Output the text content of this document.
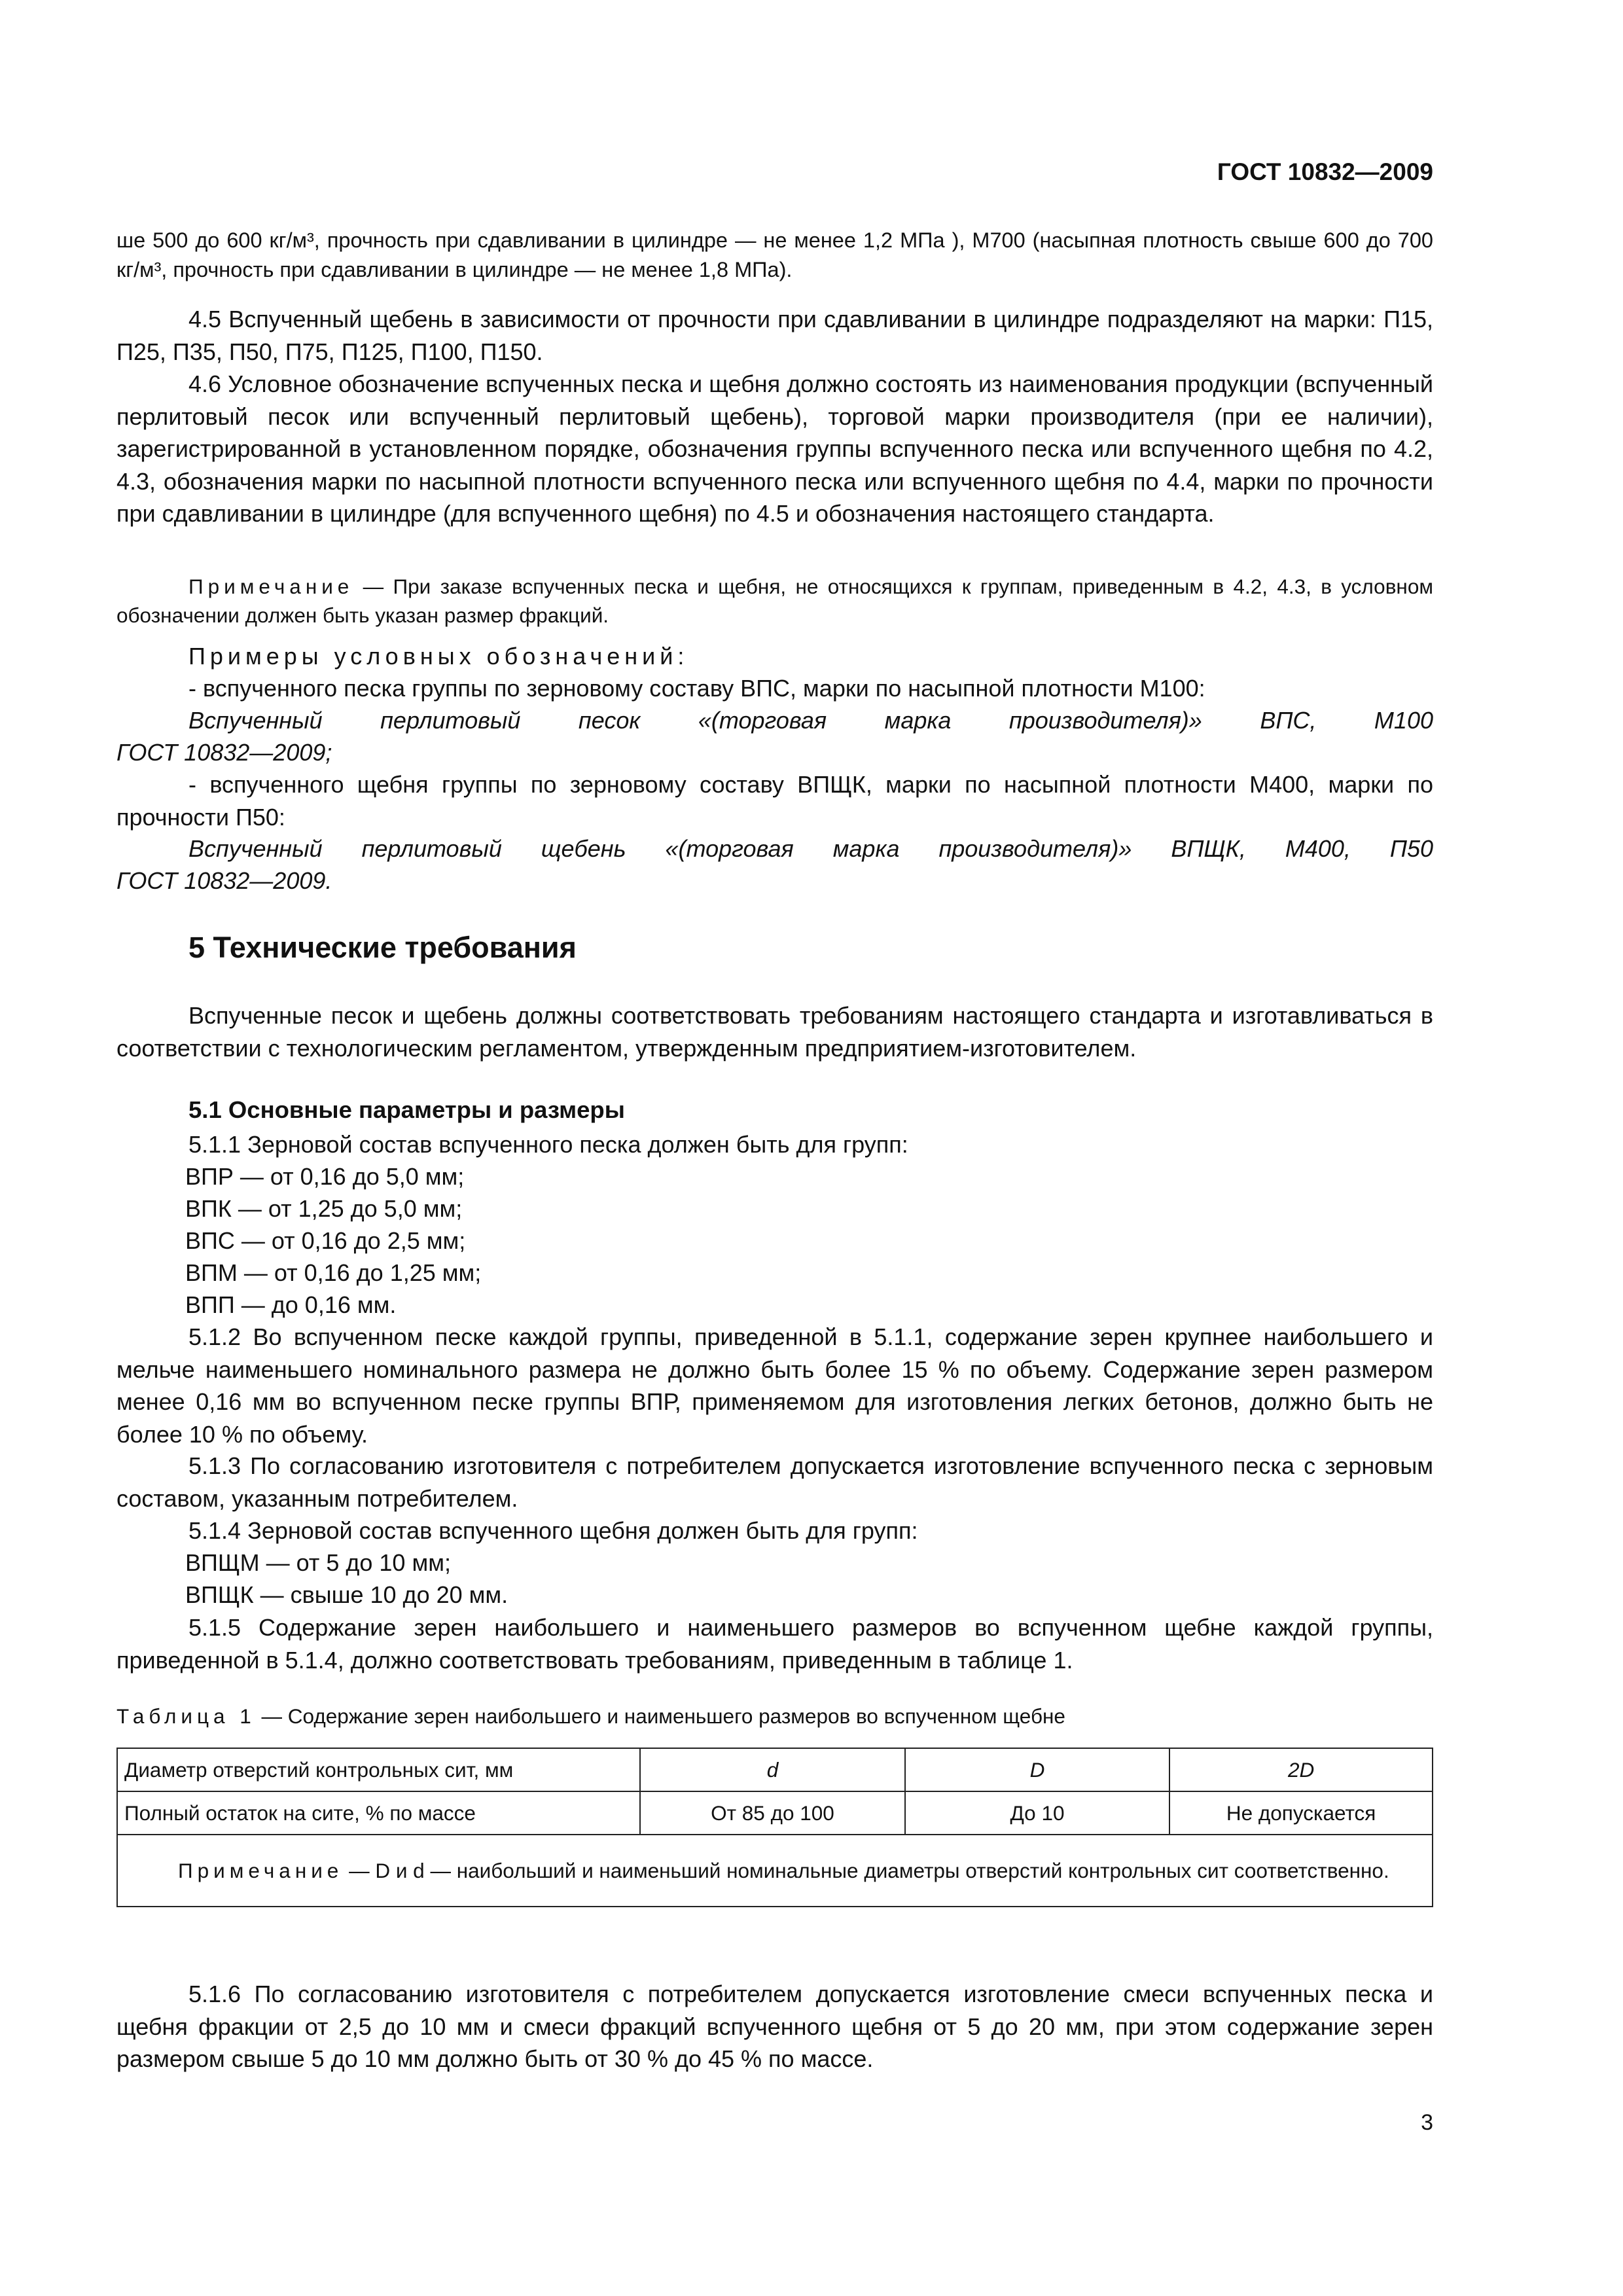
ГОСТ 10832—2009

ше 500 до 600 кг/м³, прочность при сдавливании в цилиндре — не менее 1,2 МПа ), М700 (насыпная плотность свыше 600 до 700 кг/м³, прочность при сдавливании в цилиндре — не менее 1,8 МПа).

4.5 Вспученный щебень в зависимости от прочности при сдавливании в цилиндре подразделяют на марки: П15, П25, П35, П50, П75, П125, П100, П150.

4.6 Условное обозначение вспученных песка и щебня должно состоять из наименования продукции (вспученный перлитовый песок или вспученный перлитовый щебень), торговой марки производителя (при ее наличии), зарегистрированной в установленном порядке, обозначения группы вспученного песка или вспученного щебня по 4.2, 4.3, обозначения марки по насыпной плотности вспученного песка или вспученного щебня по 4.4, марки по прочности при сдавливании в цилиндре (для вспученного щебня) по 4.5 и обозначения настоящего стандарта.

Примечание — При заказе вспученных песка и щебня, не относящихся к группам, приведенным в 4.2, 4.3, в условном обозначении должен быть указан размер фракций.

Примеры условных обозначений:

- вспученного песка группы по зерновому составу ВПС, марки по насыпной плотности М100:

Вспученный перлитовый песок «(торговая марка производителя)» ВПС, М100

ГОСТ 10832—2009;

- вспученного щебня группы по зерновому составу ВПЩК, марки по насыпной плотности М400, марки по прочности П50:

Вспученный перлитовый щебень «(торговая марка производителя)» ВПЩК, М400, П50

ГОСТ 10832—2009.

5 Технические требования

Вспученные песок и щебень должны соответствовать требованиям настоящего стандарта и изготавливаться в соответствии с технологическим регламентом, утвержденным предприятием-изготовителем.

5.1 Основные параметры и размеры

5.1.1 Зерновой состав вспученного песка должен быть для групп:

ВПР — от 0,16 до 5,0 мм;

ВПК — от 1,25 до 5,0 мм;

ВПС — от 0,16 до 2,5 мм;

ВПМ — от 0,16 до 1,25 мм;

ВПП — до 0,16 мм.

5.1.2 Во вспученном песке каждой группы, приведенной в 5.1.1, содержание зерен крупнее наибольшего и мельче наименьшего номинального размера не должно быть более 15 % по объему. Содержание зерен размером менее 0,16 мм во вспученном песке группы ВПР, применяемом для изготовления легких бетонов, должно быть не более 10 % по объему.

5.1.3 По согласованию изготовителя с потребителем допускается изготовление вспученного песка с зерновым составом, указанным потребителем.

5.1.4 Зерновой состав вспученного щебня должен быть для групп:

ВПЩМ — от 5 до 10 мм;

ВПЩК — свыше 10 до 20 мм.

5.1.5 Содержание зерен наибольшего и наименьшего размеров во вспученном щебне каждой группы, приведенной в 5.1.4, должно соответствовать требованиям, приведенным в таблице 1.

Таблица 1 — Содержание зерен наибольшего и наименьшего размеров во вспученном щебне
Диаметр отверстий контрольных сит, мм	d	D	2D
Полный остаток на сите, % по массе	От 85 до 100	До 10	Не допускается
Примечание — D и d — наибольший и наименьший номинальные диаметры отверстий контрольных сит соответственно.			

5.1.6 По согласованию изготовителя с потребителем допускается изготовление смеси вспученных песка и щебня фракции от 2,5 до 10 мм и смеси фракций вспученного щебня от 5 до 20 мм, при этом содержание зерен размером свыше 5 до 10 мм должно быть от 30 % до 45 % по массе.

3
